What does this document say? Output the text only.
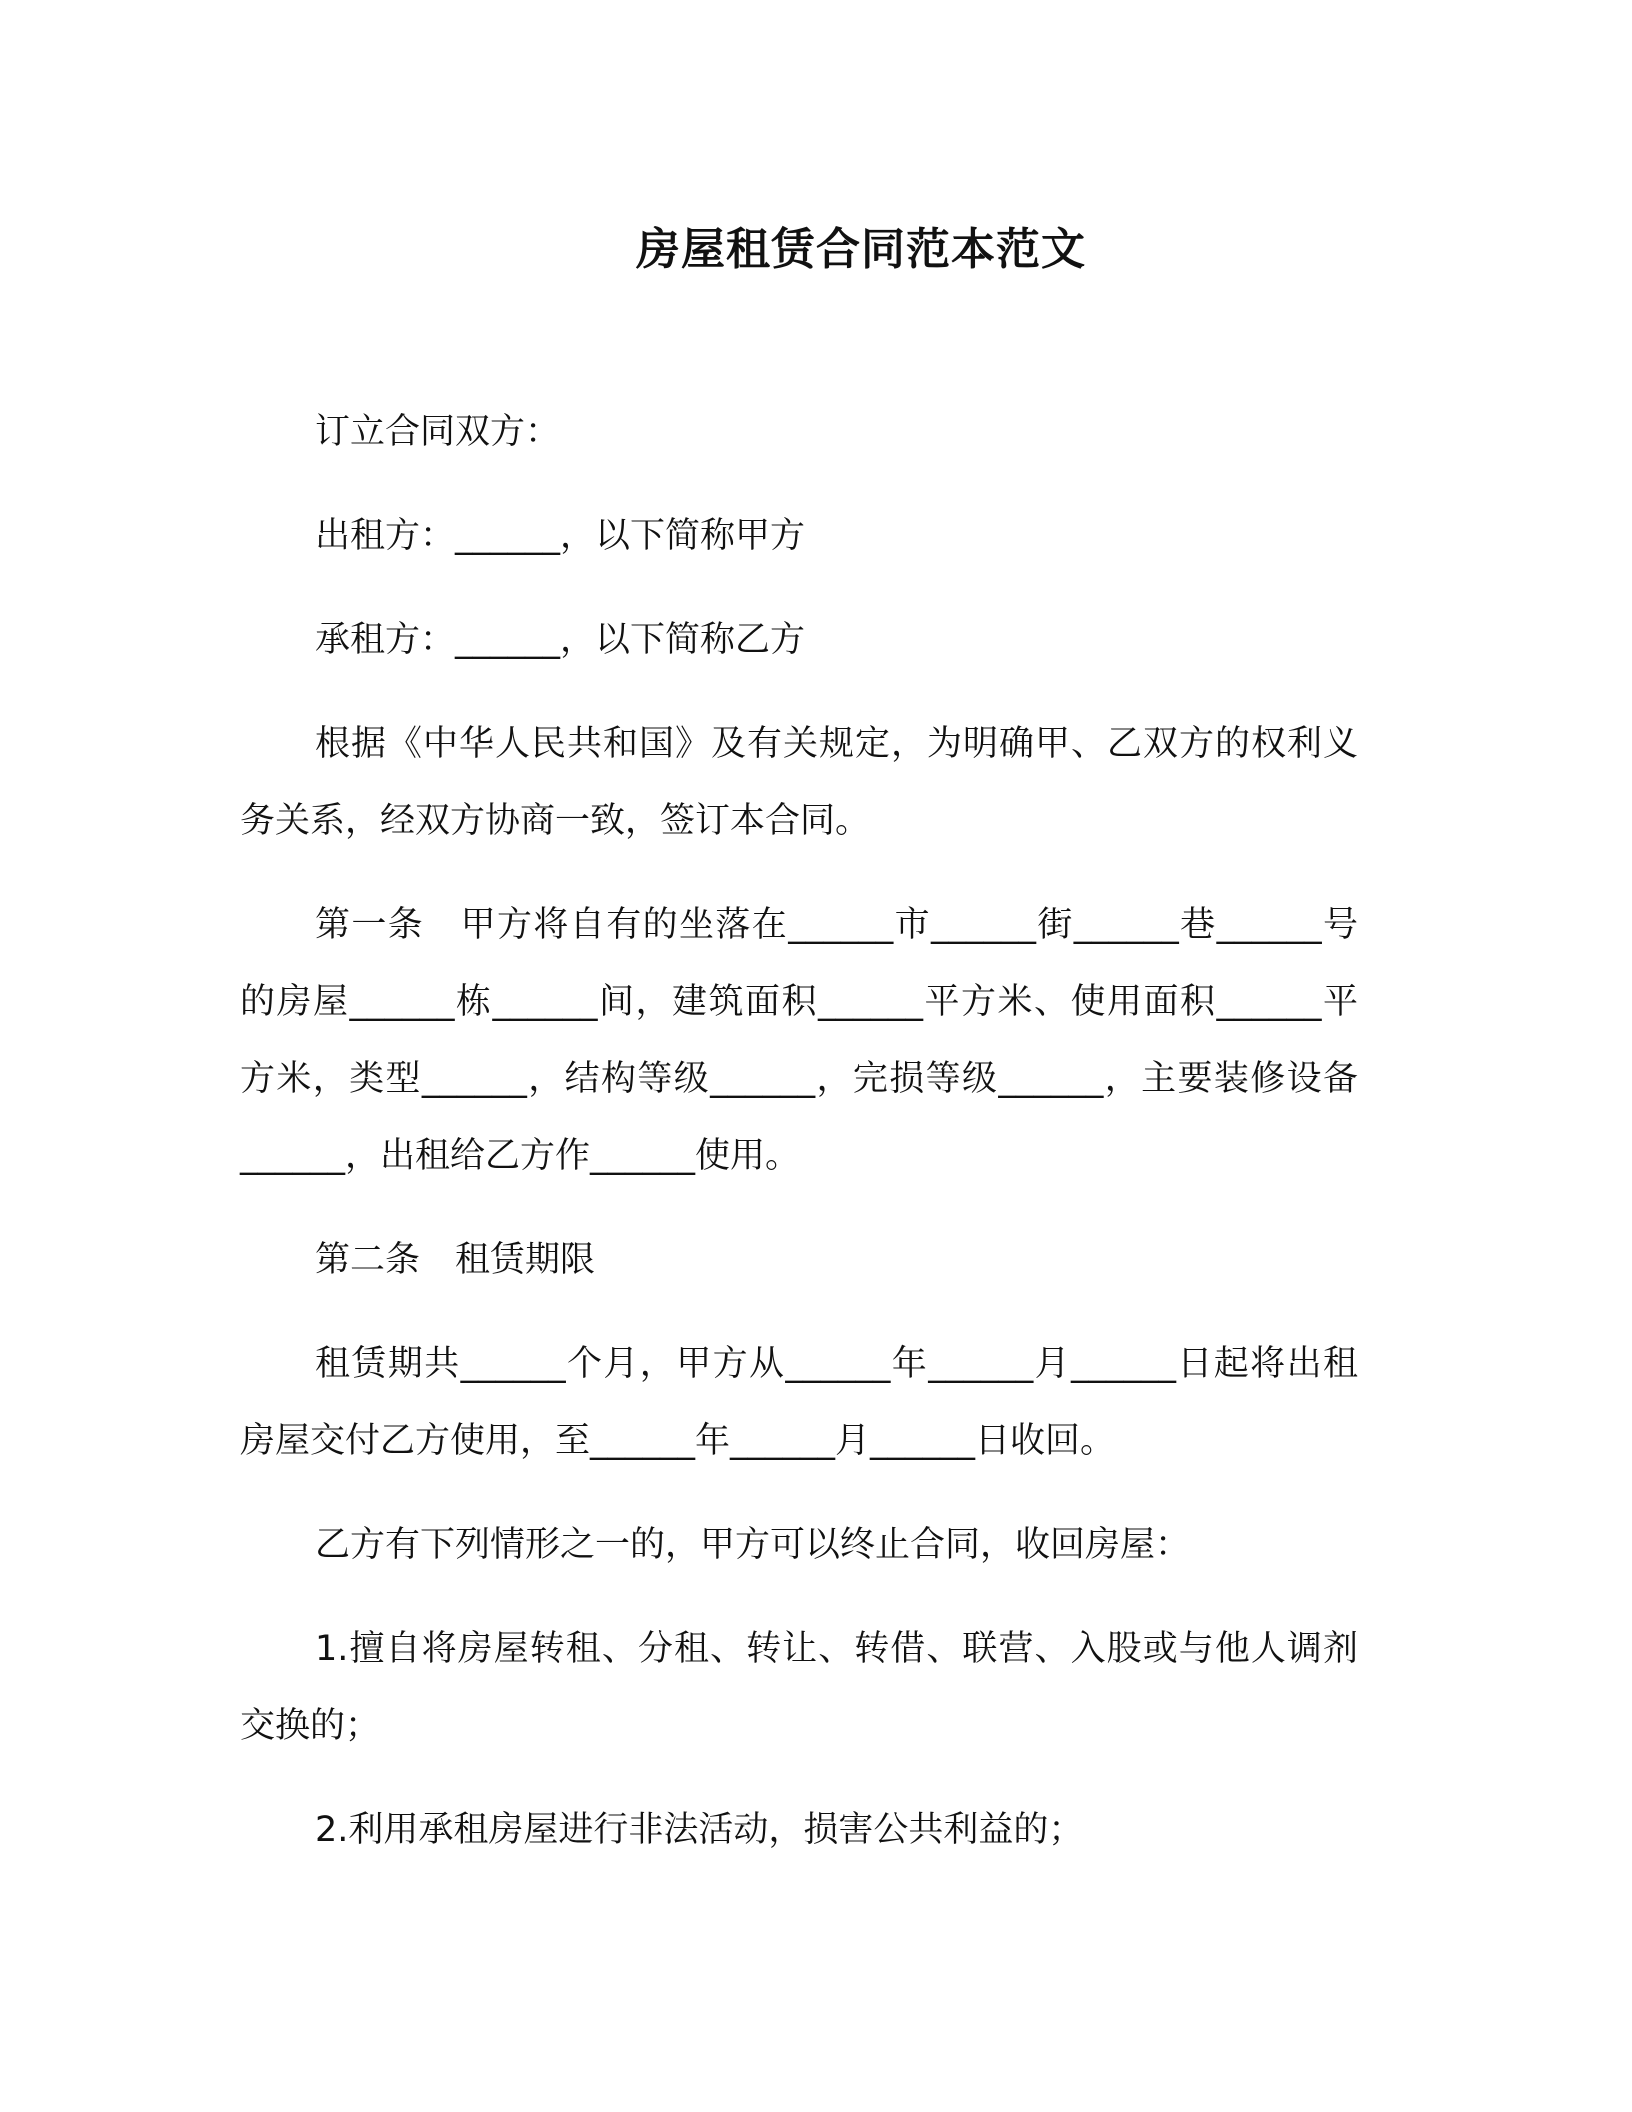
房屋租赁合同范本范文

订立合同双方：

出租方：______，以下简称甲方

承租方：______，以下简称乙方

根据《中华人民共和国》及有关规定，为明确甲、乙双方的权利义务关系，经双方协商一致，签订本合同。

第一条　甲方将自有的坐落在______市______街______巷______号的房屋______栋______间，建筑面积______平方米、使用面积______平方米，类型______，结构等级______，完损等级______，主要装修设备______，出租给乙方作______使用。

第二条　租赁期限

租赁期共______个月，甲方从______年______月______日起将出租房屋交付乙方使用，至______年______月______日收回。

乙方有下列情形之一的，甲方可以终止合同，收回房屋：

1.擅自将房屋转租、分租、转让、转借、联营、入股或与他人调剂交换的；

2.利用承租房屋进行非法活动，损害公共利益的；
